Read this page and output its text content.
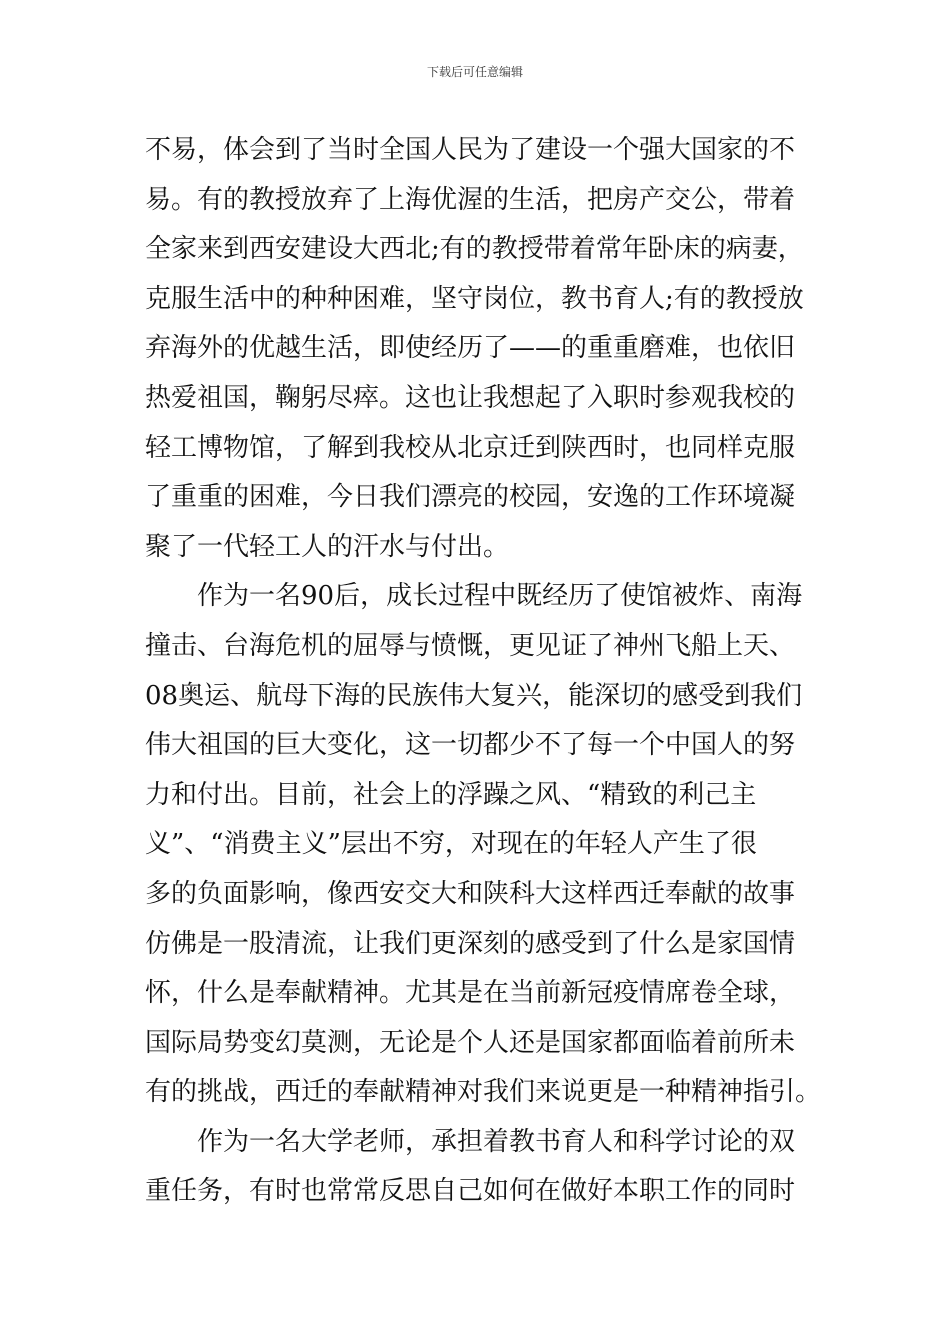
下载后可任意编辑
不易，体会到了当时全国人民为了建设一个强大国家的不
易。有的教授放弃了上海优渥的生活，把房产交公，带着
全家来到西安建设大西北;有的教授带着常年卧床的病妻，
克服生活中的种种困难，坚守岗位，教书育人;有的教授放
弃海外的优越生活，即使经历了——的重重磨难，也依旧
热爱祖国，鞠躬尽瘁。这也让我想起了入职时参观我校的
轻工博物馆，了解到我校从北京迁到陕西时，也同样克服
了重重的困难，今日我们漂亮的校园，安逸的工作环境凝
聚了一代轻工人的汗水与付出。
作为一名90后，成长过程中既经历了使馆被炸、南海
撞击、台海危机的屈辱与愤慨，更见证了神州飞船上天、
08奥运、航母下海的民族伟大复兴，能深切的感受到我们
伟大祖国的巨大变化，这一切都少不了每一个中国人的努
力和付出。目前，社会上的浮躁之风、“精致的利己主
义”、“消费主义”层出不穷，对现在的年轻人产生了很
多的负面影响，像西安交大和陕科大这样西迁奉献的故事
仿佛是一股清流，让我们更深刻的感受到了什么是家国情
怀，什么是奉献精神。尤其是在当前新冠疫情席卷全球，
国际局势变幻莫测，无论是个人还是国家都面临着前所未
有的挑战，西迁的奉献精神对我们来说更是一种精神指引。
作为一名大学老师，承担着教书育人和科学讨论的双
重任务，有时也常常反思自己如何在做好本职工作的同时
